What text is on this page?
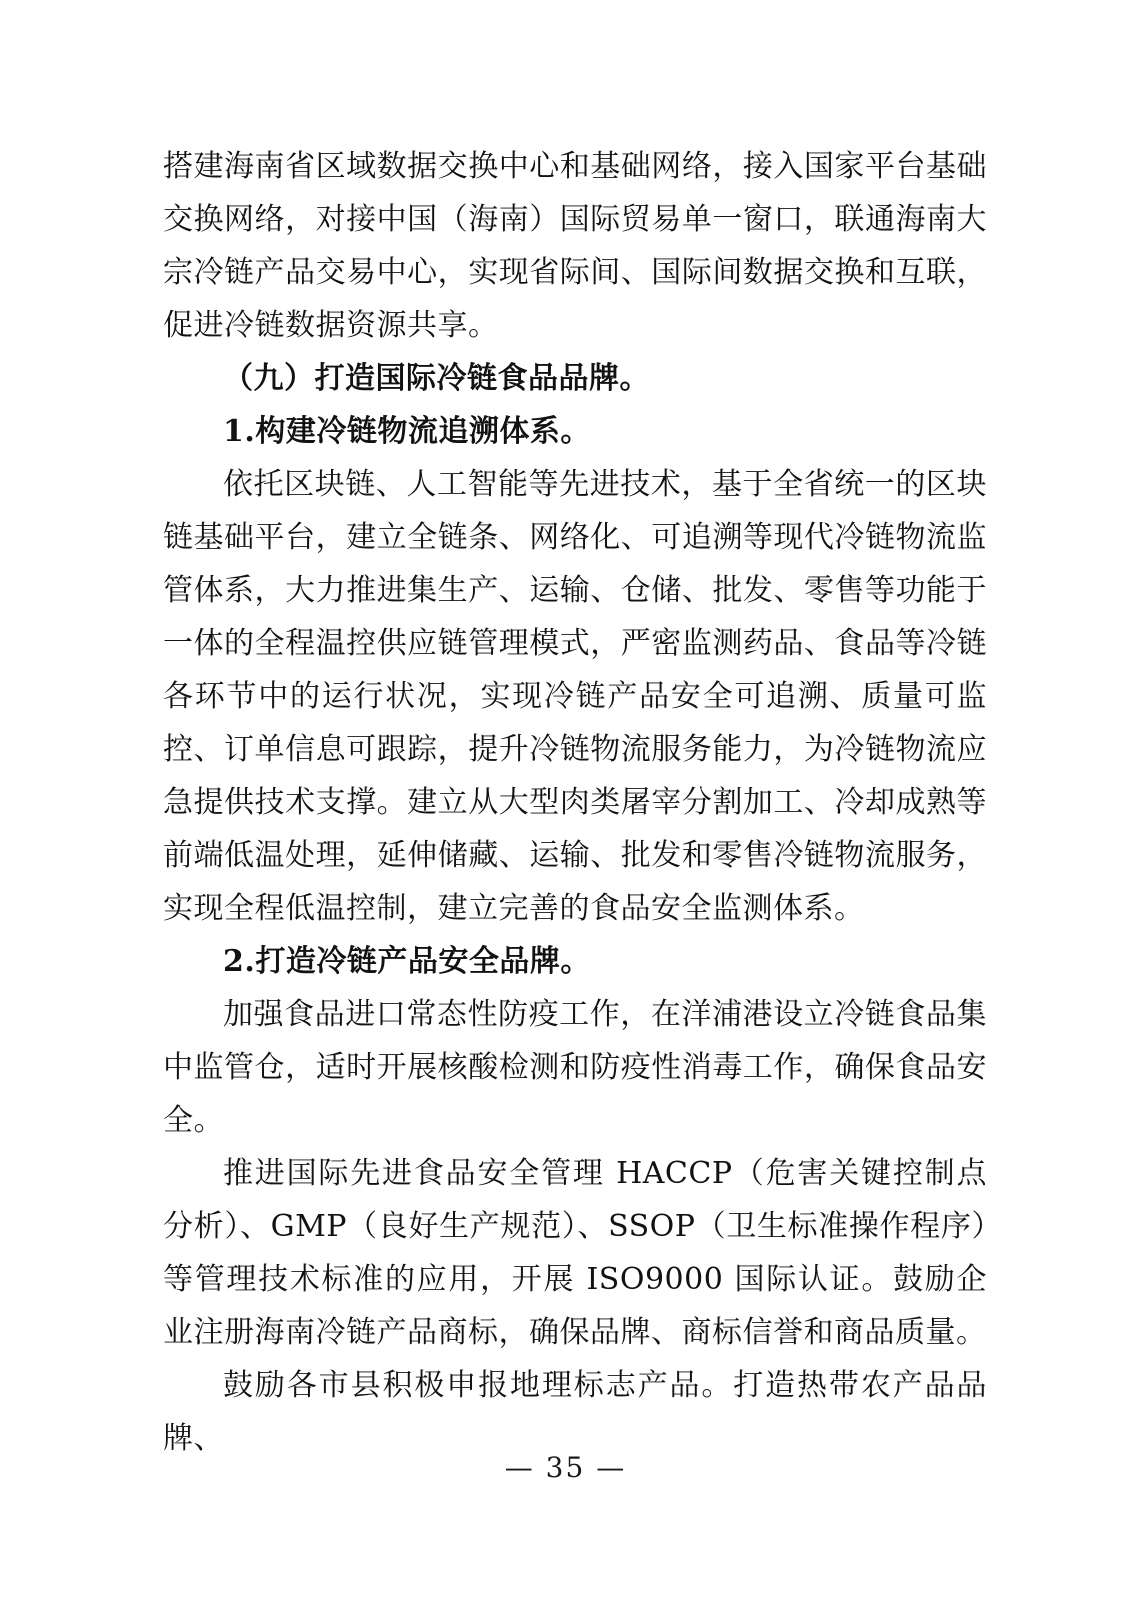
搭建海南省区域数据交换中心和基础网络，接入国家平台基础交换网络，对接中国（海南）国际贸易单一窗口，联通海南大宗冷链产品交易中心，实现省际间、国际间数据交换和互联，促进冷链数据资源共享。

（九）打造国际冷链食品品牌。

1.构建冷链物流追溯体系。

依托区块链、人工智能等先进技术，基于全省统一的区块链基础平台，建立全链条、网络化、可追溯等现代冷链物流监管体系，大力推进集生产、运输、仓储、批发、零售等功能于一体的全程温控供应链管理模式，严密监测药品、食品等冷链各环节中的运行状况，实现冷链产品安全可追溯、质量可监控、订单信息可跟踪，提升冷链物流服务能力，为冷链物流应急提供技术支撑。建立从大型肉类屠宰分割加工、冷却成熟等前端低温处理，延伸储藏、运输、批发和零售冷链物流服务，实现全程低温控制，建立完善的食品安全监测体系。

2.打造冷链产品安全品牌。

加强食品进口常态性防疫工作，在洋浦港设立冷链食品集中监管仓，适时开展核酸检测和防疫性消毒工作，确保食品安全。

推进国际先进食品安全管理 HACCP（危害关键控制点分析）、GMP（良好生产规范）、SSOP（卫生标准操作程序）等管理技术标准的应用，开展 ISO9000 国际认证。鼓励企业注册海南冷链产品商标，确保品牌、商标信誉和商品质量。

鼓励各市县积极申报地理标志产品。打造热带农产品品牌、

— 35 —
